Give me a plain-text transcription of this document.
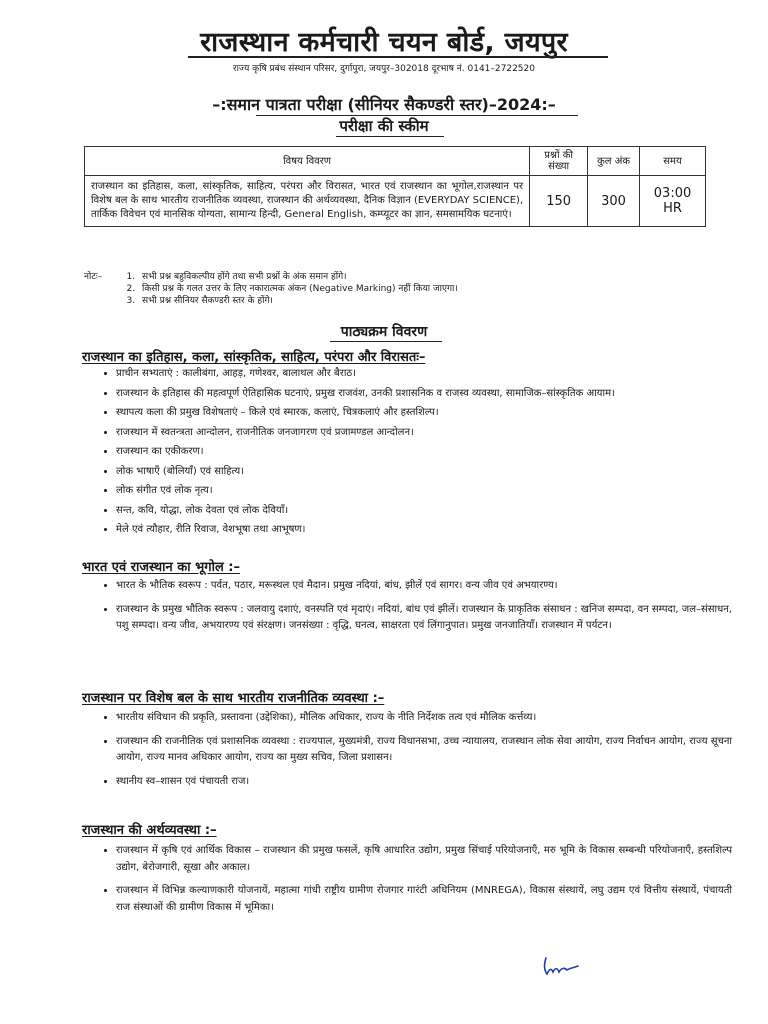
राजस्थान कर्मचारी चयन बोर्ड, जयपुर
राज्य कृषि प्रबंध संस्थान परिसर, दुर्गापुरा, जयपुर–302018 दूरभाष नं. 0141–2722520
–:समान पात्रता परीक्षा (सीनियर सैकण्डरी स्तर)–2024:–
परीक्षा की स्कीम
विषय विवरण	प्रश्नों की संख्या	कुल अंक	समय
राजस्थान का इतिहास, कला, सांस्कृतिक, साहित्य, परंपरा और विरासत, भारत एवं राजस्थान का भूगोल,राजस्थान पर विशेष बल के साथ भारतीय राजनीतिक व्यवस्था, राजस्थान की अर्थव्यवस्था, दैनिक विज्ञान (EVERYDAY SCIENCE), तार्किक विवेचन एवं मानसिक योग्यता, सामान्य हिन्दी, General English, कम्प्यूटर का ज्ञान, समसामयिक घटनाएं।	150	300	03:00 HR
नोटः–	1. सभी प्रश्न बहुविकल्पीय होंगे तथा सभी प्रश्नों के अंक समान होंगे।
2. किसी प्रश्न के गलत उत्तर के लिए नकारात्मक अंकन (Negative Marking) नहीं किया जाएगा।
3. सभी प्रश्न सीनियर सैकण्डरी स्तर के होंगे।
पाठ्यक्रम विवरण
राजस्थान का इतिहास, कला, सांस्कृतिक, साहित्य, परंपरा और विरासतः–
• प्राचीन सभ्यताएं : कालीबंगा, आहड़, गणेश्वर, बालाथल और बैराठ।
• राजस्थान के इतिहास की महत्वपूर्ण ऐतिहासिक घटनाएं, प्रमुख राजवंश, उनकी प्रशासनिक व राजस्व व्यवस्था, सामाजिक–सांस्कृतिक आयाम।
• स्थापत्य कला की प्रमुख विशेषताएं – किले एवं स्मारक, कलाएं, चित्रकलाएं और हस्तशिल्प।
• राजस्थान में स्वतन्त्रता आन्दोलन, राजनीतिक जनजागरण एवं प्रजामण्डल आन्दोलन।
• राजस्थान का एकीकरण।
• लोक भाषाएँ (बोलियाँ) एवं साहित्य।
• लोक संगीत एवं लोक नृत्य।
• सन्त, कवि, योद्धा, लोक देवता एवं लोक देवियाँ।
• मेले एवं त्यौहार, रीति रिवाज, वेशभूषा तथा आभूषण।
भारत एवं राजस्थान का भूगोल :–
• भारत के भौतिक स्वरूप : पर्वत, पठार, मरूस्थल एवं मैदान। प्रमुख नदियां, बांध, झीलें एवं सागर। वन्य जीव एवं अभयारण्य।
• राजस्थान के प्रमुख भौतिक स्वरूप : जलवायु दशाएं, वनस्पति एवं मृदाएं। नदियां, बांध एवं झीलें। राजस्थान के प्राकृतिक संसाधन : खनिज सम्पदा, वन सम्पदा, जल–संसाधन, पशु सम्पदा। वन्य जीव, अभयारण्य एवं संरक्षण। जनसंख्या : वृद्धि, घनत्व, साक्षरता एवं लिंगानुपात। प्रमुख जनजातियाँ। राजस्थान में पर्यटन।
राजस्थान पर विशेष बल के साथ भारतीय राजनीतिक व्यवस्था :–
• भारतीय संविधान की प्रकृति, प्रस्तावना (उद्देशिका), मौलिक अधिकार, राज्य के नीति निर्देशक तत्व एवं मौलिक कर्त्तव्य।
• राजस्थान की राजनीतिक एवं प्रशासनिक व्यवस्था : राज्यपाल, मुख्यमंत्री, राज्य विधानसभा, उच्च न्यायालय, राजस्थान लोक सेवा आयोग, राज्य निर्वाचन आयोग, राज्य सूचना आयोग, राज्य मानव अधिकार आयोग, राज्य का मुख्य सचिव, जिला प्रशासन।
• स्थानीय स्व–शासन एवं पंचायती राज।
राजस्थान की अर्थव्यवस्था :–
• राजस्थान में कृषि एवं आर्थिक विकास – राजस्थान की प्रमुख फसलें, कृषि आधारित उद्योग, प्रमुख सिंचाई परियोजनाएँ, मरु भूमि के विकास सम्बन्धी परियोजनाएँ, हस्तशिल्प उद्योग, बेरोजगारी, सूखा और अकाल।
• राजस्थान में विभिन्न कल्याणकारी योजनायें, महात्मा गांधी राष्ट्रीय ग्रामीण रोजगार गारंटी अधिनियम (MNREGA), विकास संस्थायें, लघु उद्यम एवं वित्तीय संस्थायें, पंचायती राज संस्थाओं की ग्रामीण विकास में भूमिका।
